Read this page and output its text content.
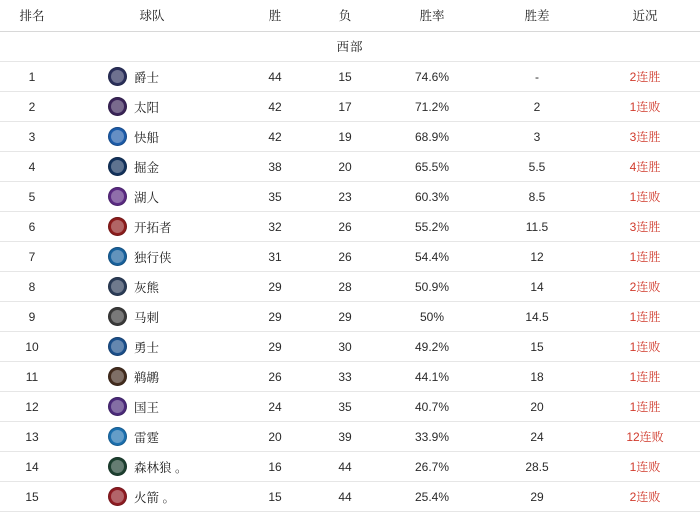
排名	球队	胜	负	胜率	胜差	近况
西部						
1	爵士	44	15	74.6%	-	2连胜
2	太阳	42	17	71.2%	2	1连败
3	快船	42	19	68.9%	3	3连胜
4	掘金	38	20	65.5%	5.5	4连胜
5	湖人	35	23	60.3%	8.5	1连败
6	开拓者	32	26	55.2%	11.5	3连胜
7	独行侠	31	26	54.4%	12	1连胜
8	灰熊	29	28	50.9%	14	2连败
9	马刺	29	29	50%	14.5	1连胜
10	勇士	29	30	49.2%	15	1连败
11	鹈鹕	26	33	44.1%	18	1连胜
12	国王	24	35	40.7%	20	1连胜
13	雷霆	20	39	33.9%	24	12连败
14	森林狼 。	16	44	26.7%	28.5	1连败
15	火箭 。	15	44	25.4%	29	2连败
